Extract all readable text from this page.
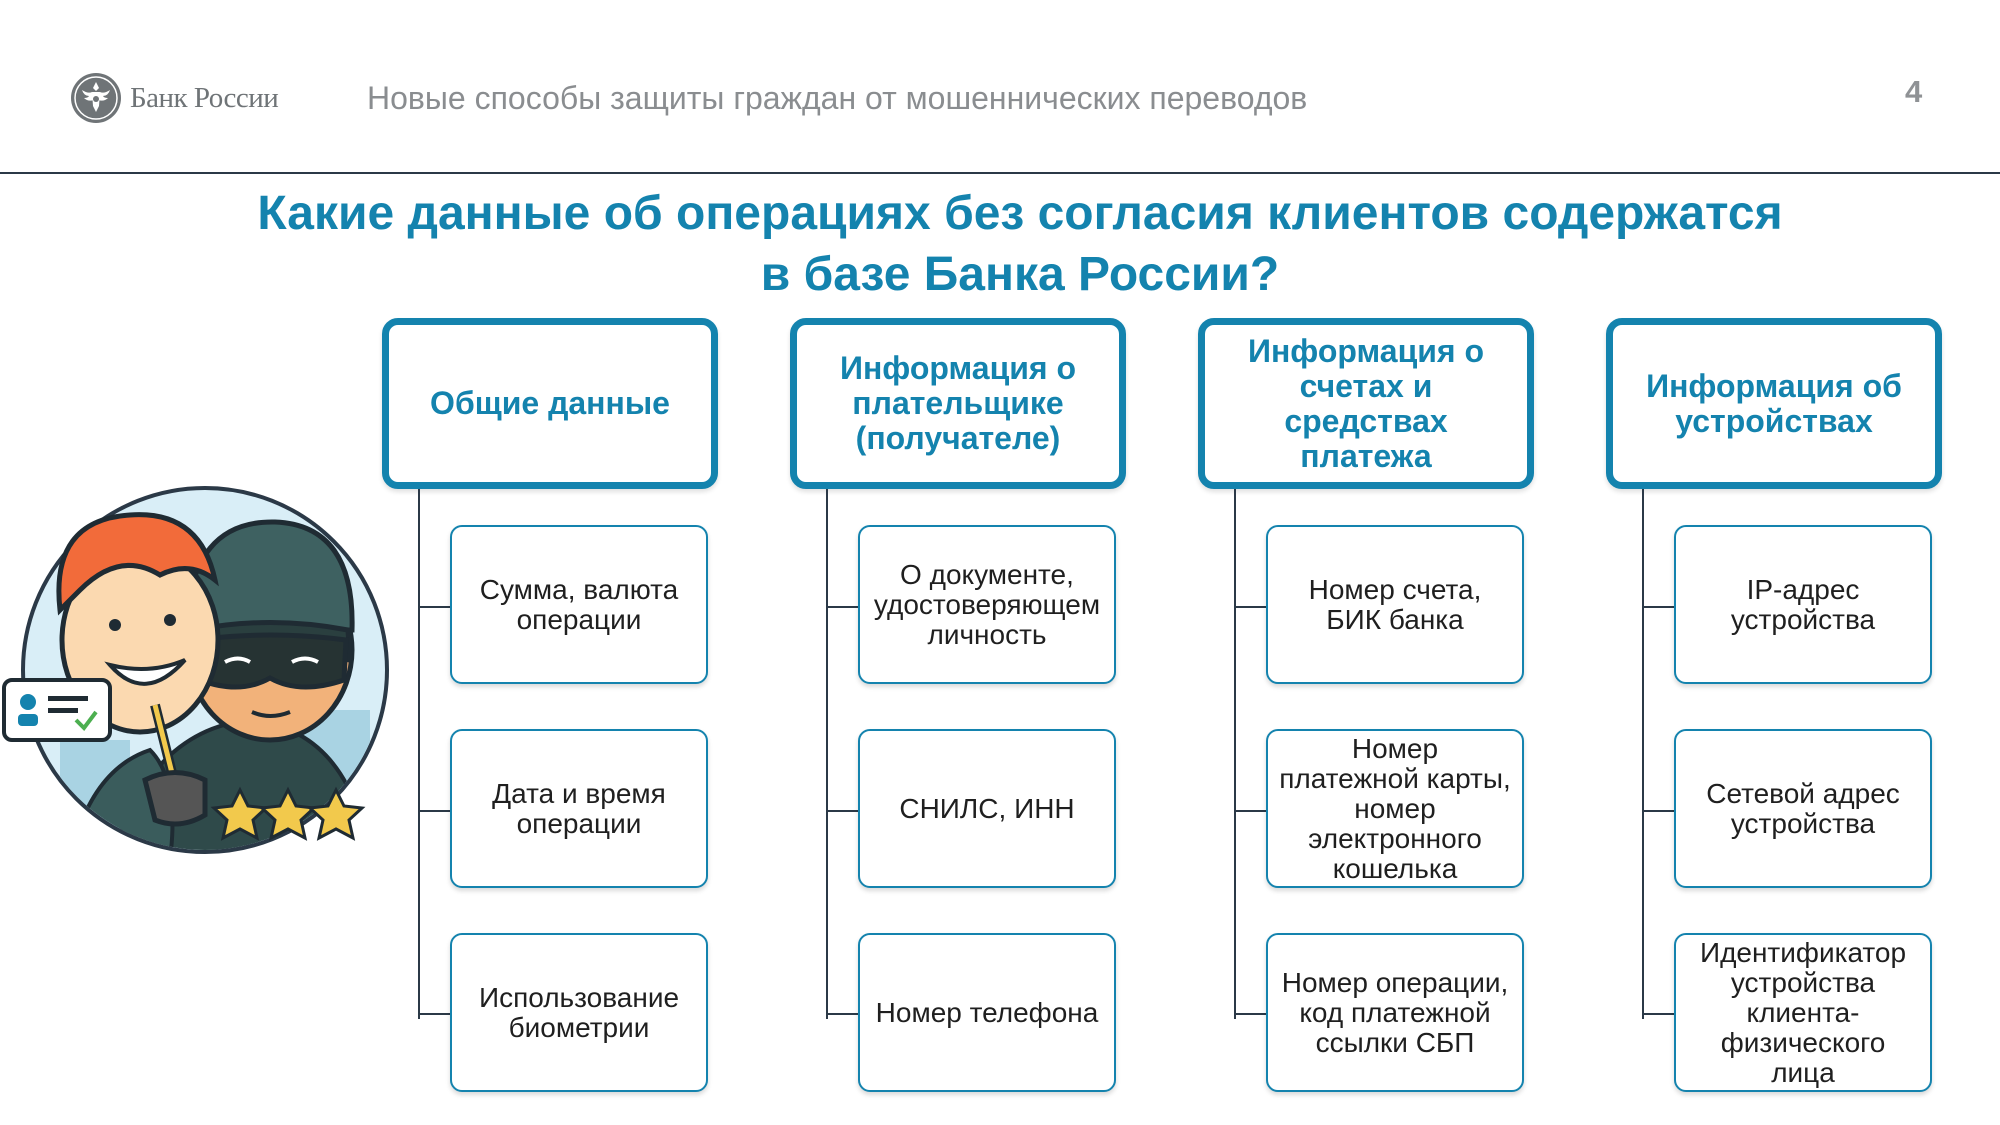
Банк России	Новые способы защиты граждан от мошеннических переводов	4
Какие данные об операциях без согласия клиентов содержатся
в базе Банка России?
Общие данные
Сумма, валюта
операции
Дата и время
операции
Использование
биометрии
Информация о
плательщике
(получателе)
О документе,
удостоверяющем
личность
СНИЛС, ИНН
Номер телефона
Информация о
счетах и
средствах
платежа
Номер счета,
БИК банка
Номер
платежной карты,
номер
электронного
кошелька
Номер операции,
код платежной
ссылки СБП
Информация об
устройствах
IP-адрес
устройства
Сетевой адрес
устройства
Идентификатор
устройства
клиента-
физического
лица
